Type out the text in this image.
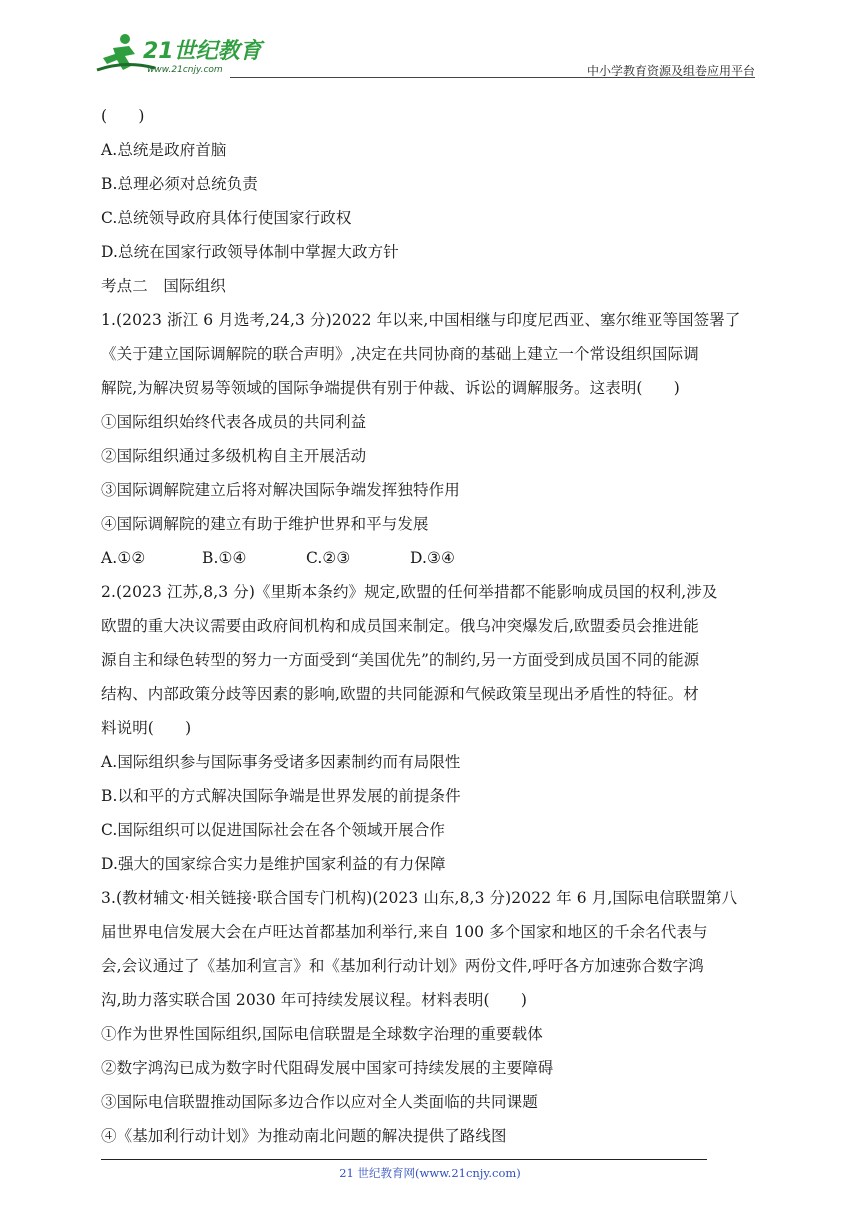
21世纪教育
www.21cnjy.com	中小学教育资源及组卷应用平台
(　　)
A.总统是政府首脑
B.总理必须对总统负责
C.总统领导政府具体行使国家行政权
D.总统在国家行政领导体制中掌握大政方针
考点二　国际组织
1.(2023 浙江 6 月选考,24,3 分)2022 年以来,中国相继与印度尼西亚、塞尔维亚等国签署了
《关于建立国际调解院的联合声明》,决定在共同协商的基础上建立一个常设组织国际调
解院,为解决贸易等领域的国际争端提供有别于仲裁、诉讼的调解服务。这表明(　　)
①国际组织始终代表各成员的共同利益
②国际组织通过多级机构自主开展活动
③国际调解院建立后将对解决国际争端发挥独特作用
④国际调解院的建立有助于维护世界和平与发展
A.①②	B.①④	C.②③	D.③④
2.(2023 江苏,8,3 分)《里斯本条约》规定,欧盟的任何举措都不能影响成员国的权利,涉及
欧盟的重大决议需要由政府间机构和成员国来制定。俄乌冲突爆发后,欧盟委员会推进能
源自主和绿色转型的努力一方面受到“美国优先”的制约,另一方面受到成员国不同的能源
结构、内部政策分歧等因素的影响,欧盟的共同能源和气候政策呈现出矛盾性的特征。材
料说明(　　)
A.国际组织参与国际事务受诸多因素制约而有局限性
B.以和平的方式解决国际争端是世界发展的前提条件
C.国际组织可以促进国际社会在各个领域开展合作
D.强大的国家综合实力是维护国家利益的有力保障
3.(教材辅文·相关链接·联合国专门机构)(2023 山东,8,3 分)2022 年 6 月,国际电信联盟第八
届世界电信发展大会在卢旺达首都基加利举行,来自 100 多个国家和地区的千余名代表与
会,会议通过了《基加利宣言》和《基加利行动计划》两份文件,呼吁各方加速弥合数字鸿
沟,助力落实联合国 2030 年可持续发展议程。材料表明(　　)
①作为世界性国际组织,国际电信联盟是全球数字治理的重要载体
②数字鸿沟已成为数字时代阻碍发展中国家可持续发展的主要障碍
③国际电信联盟推动国际多边合作以应对全人类面临的共同课题
④《基加利行动计划》为推动南北问题的解决提供了路线图
21 世纪教育网(www.21cnjy.com)
